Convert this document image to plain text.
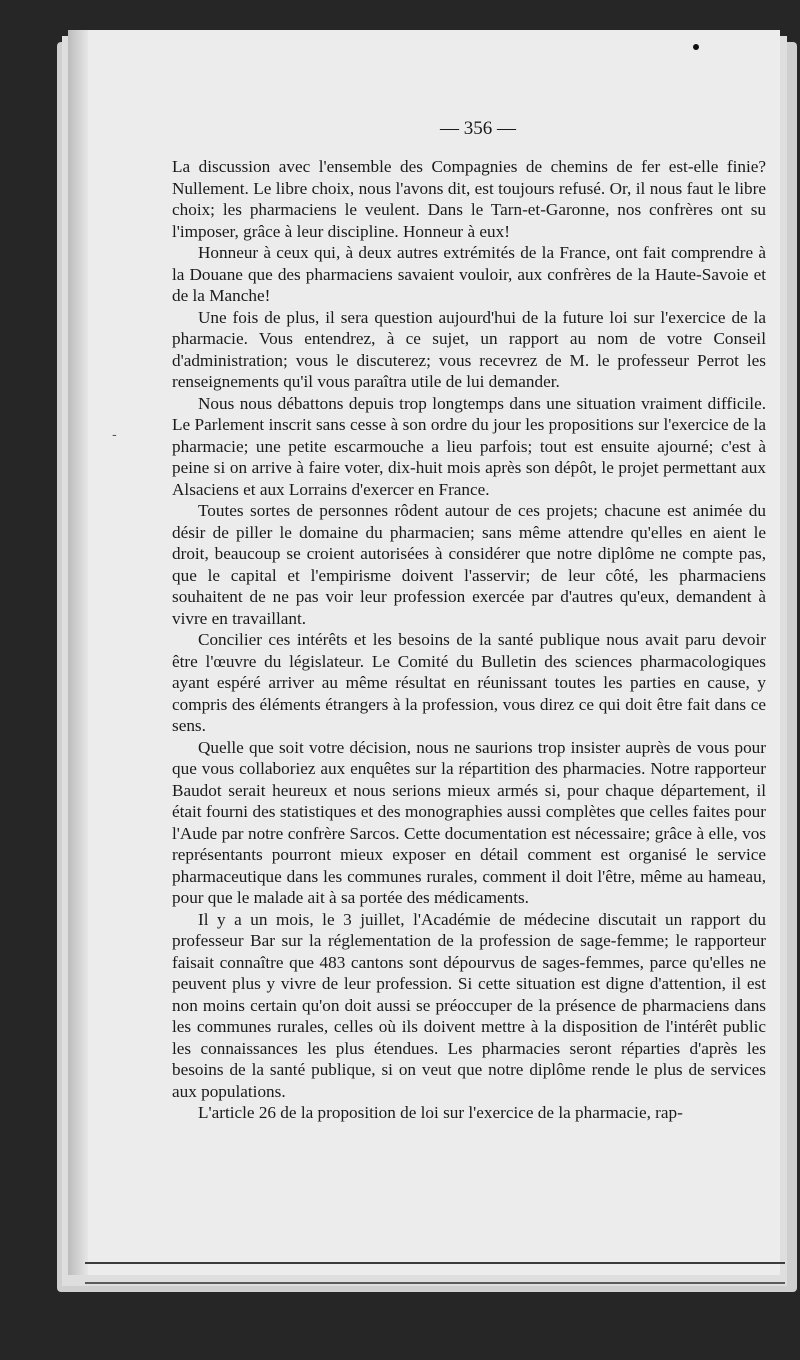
— 356 —
-

La discussion avec l'ensemble des Compagnies de chemins de fer est-elle finie? Nullement. Le libre choix, nous l'avons dit, est toujours refusé. Or, il nous faut le libre choix; les pharmaciens le veulent. Dans le Tarn-et-Garonne, nos confrères ont su l'imposer, grâce à leur discipline. Honneur à eux!

Honneur à ceux qui, à deux autres extrémités de la France, ont fait comprendre à la Douane que des pharmaciens savaient vouloir, aux confrères de la Haute-Savoie et de la Manche!

Une fois de plus, il sera question aujourd'hui de la future loi sur l'exercice de la pharmacie. Vous entendrez, à ce sujet, un rapport au nom de votre Conseil d'administration; vous le discuterez; vous recevrez de M. le professeur Perrot les renseignements qu'il vous paraîtra utile de lui demander.

Nous nous débattons depuis trop longtemps dans une situation vraiment difficile. Le Parlement inscrit sans cesse à son ordre du jour les propositions sur l'exercice de la pharmacie; une petite escarmouche a lieu parfois; tout est ensuite ajourné; c'est à peine si on arrive à faire voter, dix-huit mois après son dépôt, le projet permettant aux Alsaciens et aux Lorrains d'exercer en France.

Toutes sortes de personnes rôdent autour de ces projets; chacune est animée du désir de piller le domaine du pharmacien; sans même attendre qu'elles en aient le droit, beaucoup se croient autorisées à considérer que notre diplôme ne compte pas, que le capital et l'empirisme doivent l'asservir; de leur côté, les pharmaciens souhaitent de ne pas voir leur profession exercée par d'autres qu'eux, demandent à vivre en travaillant.

Concilier ces intérêts et les besoins de la santé publique nous avait paru devoir être l'œuvre du législateur. Le Comité du Bulletin des sciences pharmacologiques ayant espéré arriver au même résultat en réunissant toutes les parties en cause, y compris des éléments étrangers à la profession, vous direz ce qui doit être fait dans ce sens.

Quelle que soit votre décision, nous ne saurions trop insister auprès de vous pour que vous collaboriez aux enquêtes sur la répartition des pharmacies. Notre rapporteur Baudot serait heureux et nous serions mieux armés si, pour chaque département, il était fourni des statistiques et des monographies aussi complètes que celles faites pour l'Aude par notre confrère Sarcos. Cette documentation est nécessaire; grâce à elle, vos représentants pourront mieux exposer en détail comment est organisé le service pharmaceutique dans les communes rurales, comment il doit l'être, même au hameau, pour que le malade ait à sa portée des médicaments.

Il y a un mois, le 3 juillet, l'Académie de médecine discutait un rapport du professeur Bar sur la réglementation de la profession de sage-femme; le rapporteur faisait connaître que 483 cantons sont dépourvus de sages-femmes, parce qu'elles ne peuvent plus y vivre de leur profession. Si cette situation est digne d'attention, il est non moins certain qu'on doit aussi se préoccuper de la présence de pharmaciens dans les communes rurales, celles où ils doivent mettre à la disposition de l'intérêt public les connaissances les plus étendues. Les pharmacies seront réparties d'après les besoins de la santé publique, si on veut que notre diplôme rende le plus de services aux populations.

L'article 26 de la proposition de loi sur l'exercice de la pharmacie, rap-
